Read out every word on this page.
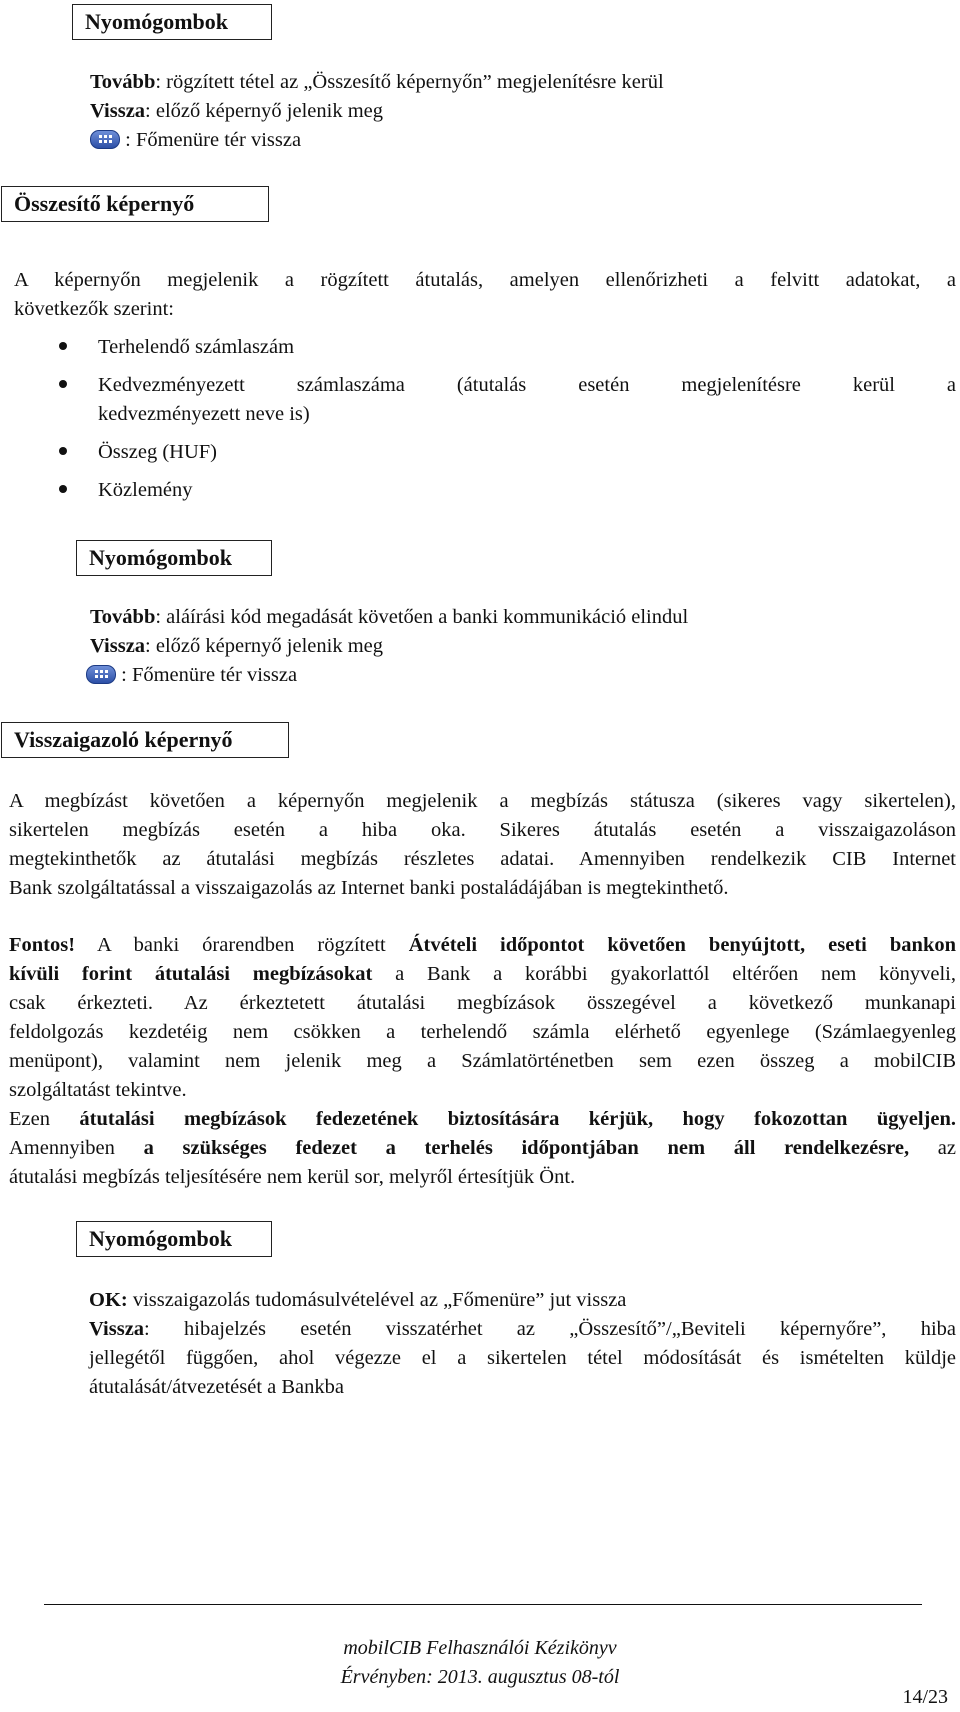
Nyomógombok
Tovább: rögzített tétel az „Összesítő képernyőn” megjelenítésre kerül
Vissza: előző képernyő jelenik meg
: Főmenüre tér vissza
Összesítő képernyő
A képernyőn megjelenik a rögzített átutalás, amelyen ellenőrizheti a felvitt adatokat, a
következők szerint:
Terhelendő számlaszám
Kedvezményezett számlaszáma (átutalás esetén megjelenítésre kerül a
kedvezményezett neve is)
Összeg (HUF)
Közlemény
Nyomógombok
Tovább: aláírási kód megadását követően a banki kommunikáció elindul
Vissza: előző képernyő jelenik meg
: Főmenüre tér vissza
Visszaigazoló képernyő
A megbízást követően a képernyőn megjelenik a megbízás státusza (sikeres vagy sikertelen),
sikertelen megbízás esetén a hiba oka. Sikeres átutalás esetén a visszaigazoláson
megtekinthetők az átutalási megbízás részletes adatai. Amennyiben rendelkezik CIB Internet
Bank szolgáltatással a visszaigazolás az Internet banki postaládájában is megtekinthető.
Fontos! A banki órarendben rögzített Átvételi időpontot követően benyújtott, eseti bankon
kívüli forint átutalási megbízásokat a Bank a korábbi gyakorlattól eltérően nem könyveli,
csak érkezteti. Az érkeztetett átutalási megbízások összegével a következő munkanapi
feldolgozás kezdetéig nem csökken a terhelendő számla elérhető egyenlege (Számlaegyenleg
menüpont), valamint nem jelenik meg a Számlatörténetben sem ezen összeg a mobilCIB
szolgáltatást tekintve.
Ezen átutalási megbízások fedezetének biztosítására kérjük, hogy fokozottan ügyeljen.
Amennyiben a szükséges fedezet a terhelés időpontjában nem áll rendelkezésre, az
átutalási megbízás teljesítésére nem kerül sor, melyről értesítjük Önt.
Nyomógombok
OK: visszaigazolás tudomásulvételével az „Főmenüre” jut vissza
Vissza: hibajelzés esetén visszatérhet az „Összesítő”/„Beviteli képernyőre”, hiba
jellegétől függően, ahol végezze el a sikertelen tétel módosítását és ismételten küldje
átutalását/átvezetését a Bankba
mobilCIB Felhasználói Kézikönyv
Érvényben: 2013. augusztus 08-tól
14/23
